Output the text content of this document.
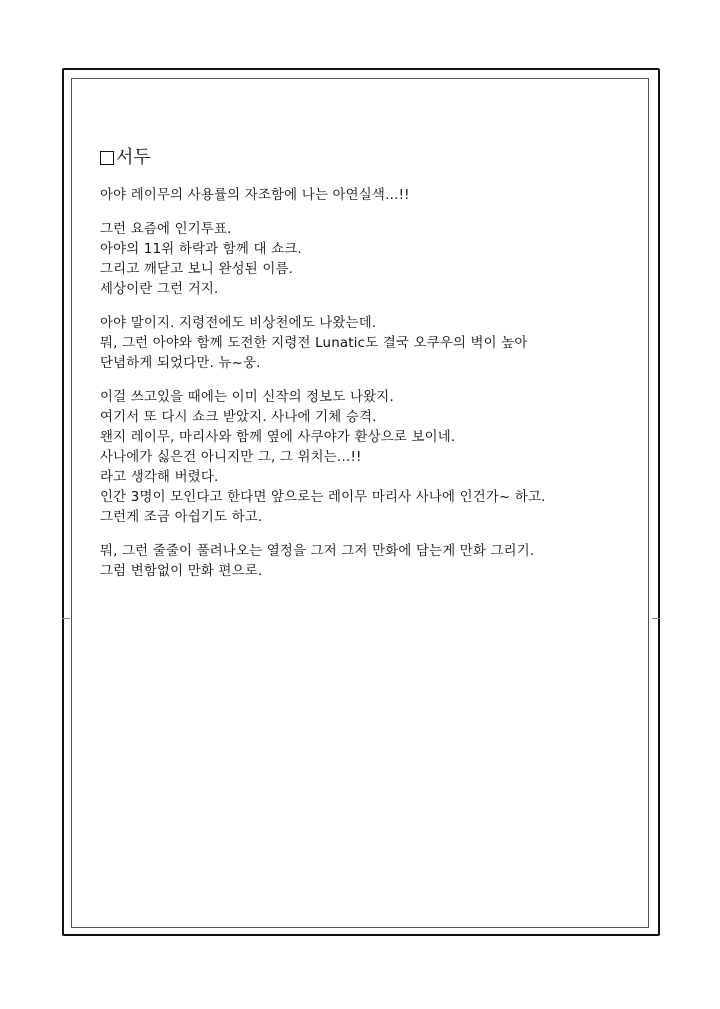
서두
아야 레이무의 사용률의 자조함에 나는 아연실색…!!
그런 요즘에 인기투표.
아야의 11위 하락과 함께 대 쇼크.
그리고 깨닫고 보니 완성된 이름.
세상이란 그런 거지.
아야 말이지. 지령전에도 비상천에도 나왔는데.
뭐, 그런 아야와 함께 도전한 지령전 Lunatic도 결국 오쿠우의 벽이 높아
단념하게 되었다만. 뉴~웅.
이걸 쓰고있을 때에는 이미 신작의 정보도 나왔지.
여기서 또 다시 쇼크 받았지. 사나에 기체 승격.
왠지 레이무, 마리사와 함께 옆에 사쿠야가 환상으로 보이네.
사나에가 싫은건 아니지만 그, 그 위치는…!!
라고 생각해 버렸다.
인간 3명이 모인다고 한다면 앞으로는 레이무 마리사 사나에 인건가~ 하고.
그런게 조금 아쉽기도 하고.
뭐, 그런 줄줄이 풀려나오는 열정을 그저 그저 만화에 담는게 만화 그리기.
그럼 변함없이 만화 편으로.
